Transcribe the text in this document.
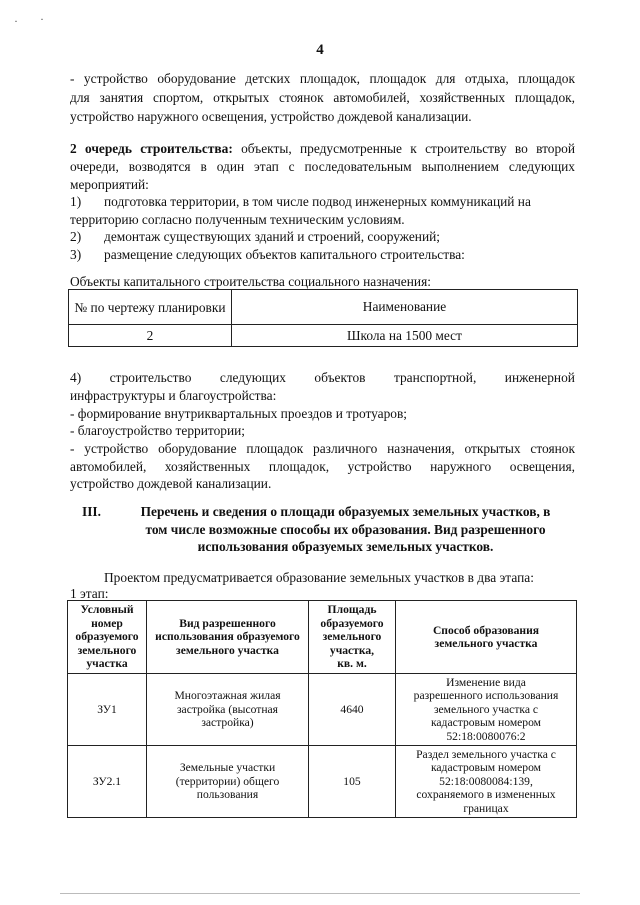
· ·
4
- устройство оборудование детских площадок, площадок для отдыха, площадок
для занятия спортом, открытых стоянок автомобилей, хозяйственных площадок,
устройство наружного освещения, устройство дождевой канализации.
2 очередь строительства: объекты, предусмотренные к строительству во второй
очереди, возводятся в один этап с последовательным выполнением следующих
мероприятий:
1) подготовка территории, в том числе подвод инженерных коммуникаций на
территорию согласно полученным техническим условиям.
2) демонтаж существующих зданий и строений, сооружений;
3) размещение следующих объектов капитального строительства:
Объекты капитального строительства социального назначения:
№ по чертежу планировки	Наименование
2	Школа на 1500 мест
4) строительство следующих объектов транспортной, инженерной
инфраструктуры и благоустройства:
- формирование внутриквартальных проездов и тротуаров;
- благоустройство территории;
- устройство оборудование площадок различного назначения, открытых стоянок
автомобилей, хозяйственных площадок, устройство наружного освещения,
устройство дождевой канализации.
III.	Перечень и сведения о площади образуемых земельных участков, в
том числе возможные способы их образования. Вид разрешенного
использования образуемых земельных участков.
Проектом предусматривается образование земельных участков в два этапа:
1 этап:
Условный
номер
образуемого
земельного
участка	Вид разрешенного
использования образуемого
земельного участка	Площадь
образуемого
земельного
участка,
кв. м.	Способ образования
земельного участка
ЗУ1	Многоэтажная жилая
застройка (высотная
застройка)	4640	Изменение вида
разрешенного использования
земельного участка с
кадастровым номером
52:18:0080076:2
ЗУ2.1	Земельные участки
(территории) общего
пользования	105	Раздел земельного участка с
кадастровым номером
52:18:0080084:139,
сохраняемого в измененных
границах
